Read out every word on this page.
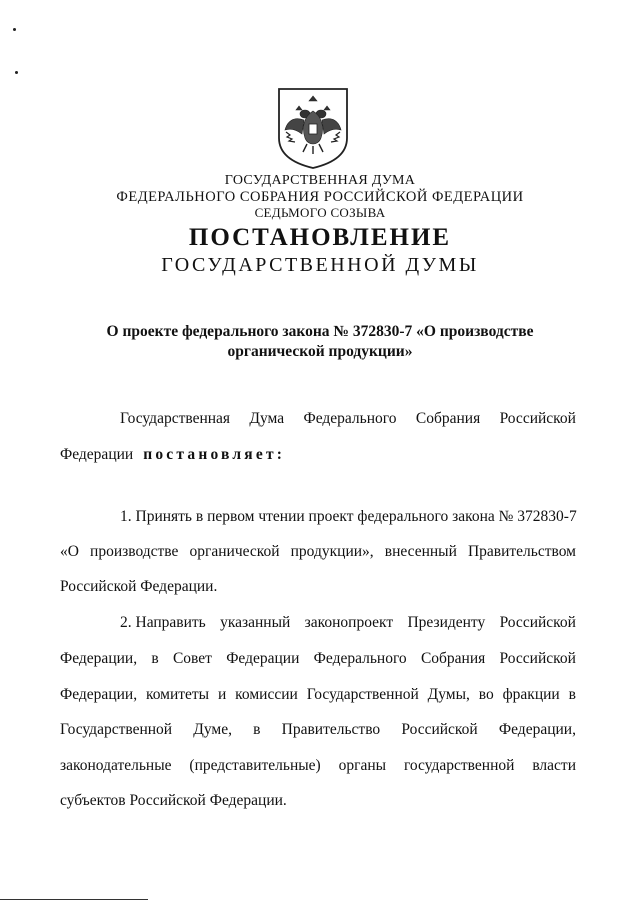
ГОСУДАРСТВЕННАЯ ДУМА
ФЕДЕРАЛЬНОГО СОБРАНИЯ РОССИЙСКОЙ ФЕДЕРАЦИИ
СЕДЬМОГО СОЗЫВА
ПОСТАНОВЛЕНИЕ
ГОСУДАРСТВЕННОЙ ДУМЫ
О проекте федерального закона № 372830-7 «О производстве
органической продукции»
Государственная Дума Федерального Собрания Российской
Федерации постановляет:
1. Принять в первом чтении проект федерального закона № 372830-7
«О производстве органической продукции», внесенный Правительством
Российской Федерации.
2. Направить указанный законопроект Президенту Российской
Федерации, в Совет Федерации Федерального Собрания Российской
Федерации, комитеты и комиссии Государственной Думы, во фракции в
Государственной Думе, в Правительство Российской Федерации,
законодательные (представительные) органы государственной власти
субъектов Российской Федерации.
